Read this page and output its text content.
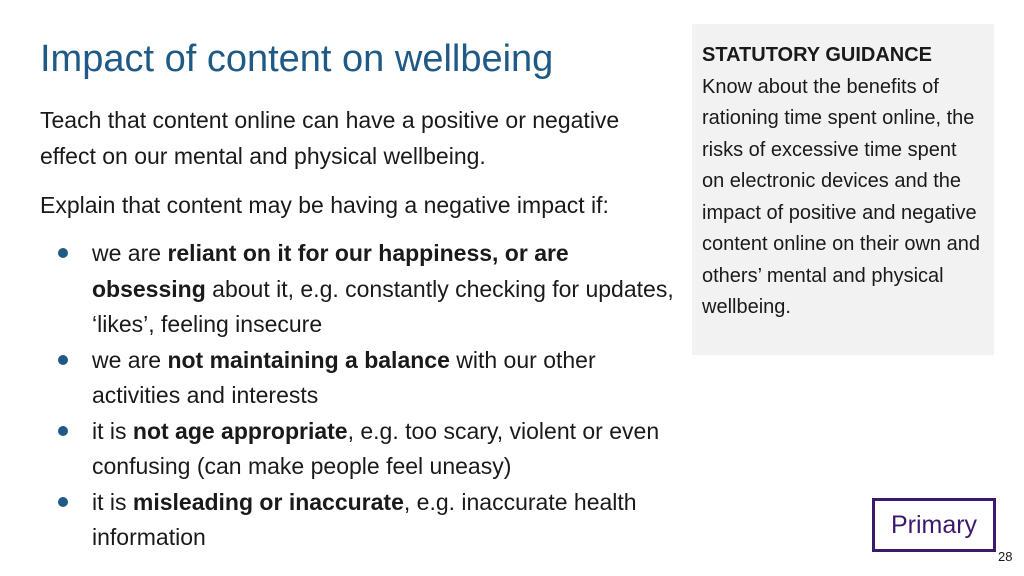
Impact of content on wellbeing

Teach that content online can have a positive or negative effect on our mental and physical wellbeing.

Explain that content may be having a negative impact if:

we are reliant on it for our happiness, or are obsessing about it, e.g. constantly checking for updates, ‘likes’, feeling insecure
we are not maintaining a balance with our other activities and interests
it is not age appropriate, e.g. too scary, violent or even confusing (can make people feel uneasy)
it is misleading or inaccurate, e.g. inaccurate health information
STATUTORY GUIDANCE
Know about the benefits of rationing time spent online, the risks of excessive time spent on electronic devices and the impact of positive and negative content online on their own and others’ mental and physical wellbeing.
Primary
28
